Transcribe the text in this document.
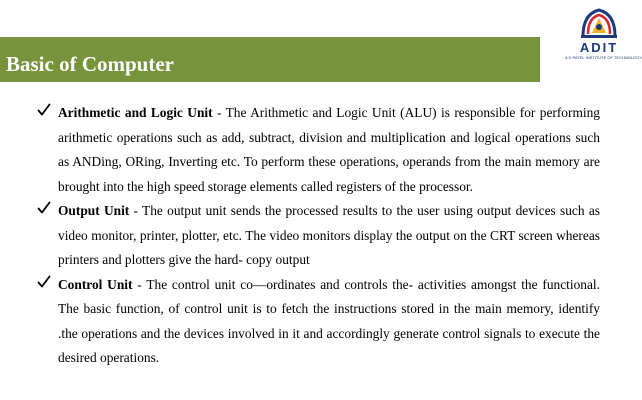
Basic of Computer
ADIT
A D PATEL INSTITUTE OF TECHNOLOGY

Arithmetic and Logic Unit - The Arithmetic and Logic Unit (ALU) is responsible for performing arithmetic operations such as add, subtract, division and multiplication and logical operations such as ANDing, ORing, Inverting etc. To perform these operations, operands from the main memory are brought into the high speed storage elements called registers of the processor.

Output Unit - The output unit sends the processed results to the user using output devices such as video monitor, printer, plotter, etc. The video monitors display the output on the CRT screen whereas printers and plotters give the hard- copy output

Control Unit - The control unit co—ordinates and controls the- activities amongst the functional. The basic function, of control unit is to fetch the instructions stored in the main memory, identify .the operations and the devices involved in it and accordingly generate control signals to execute the desired operations.
